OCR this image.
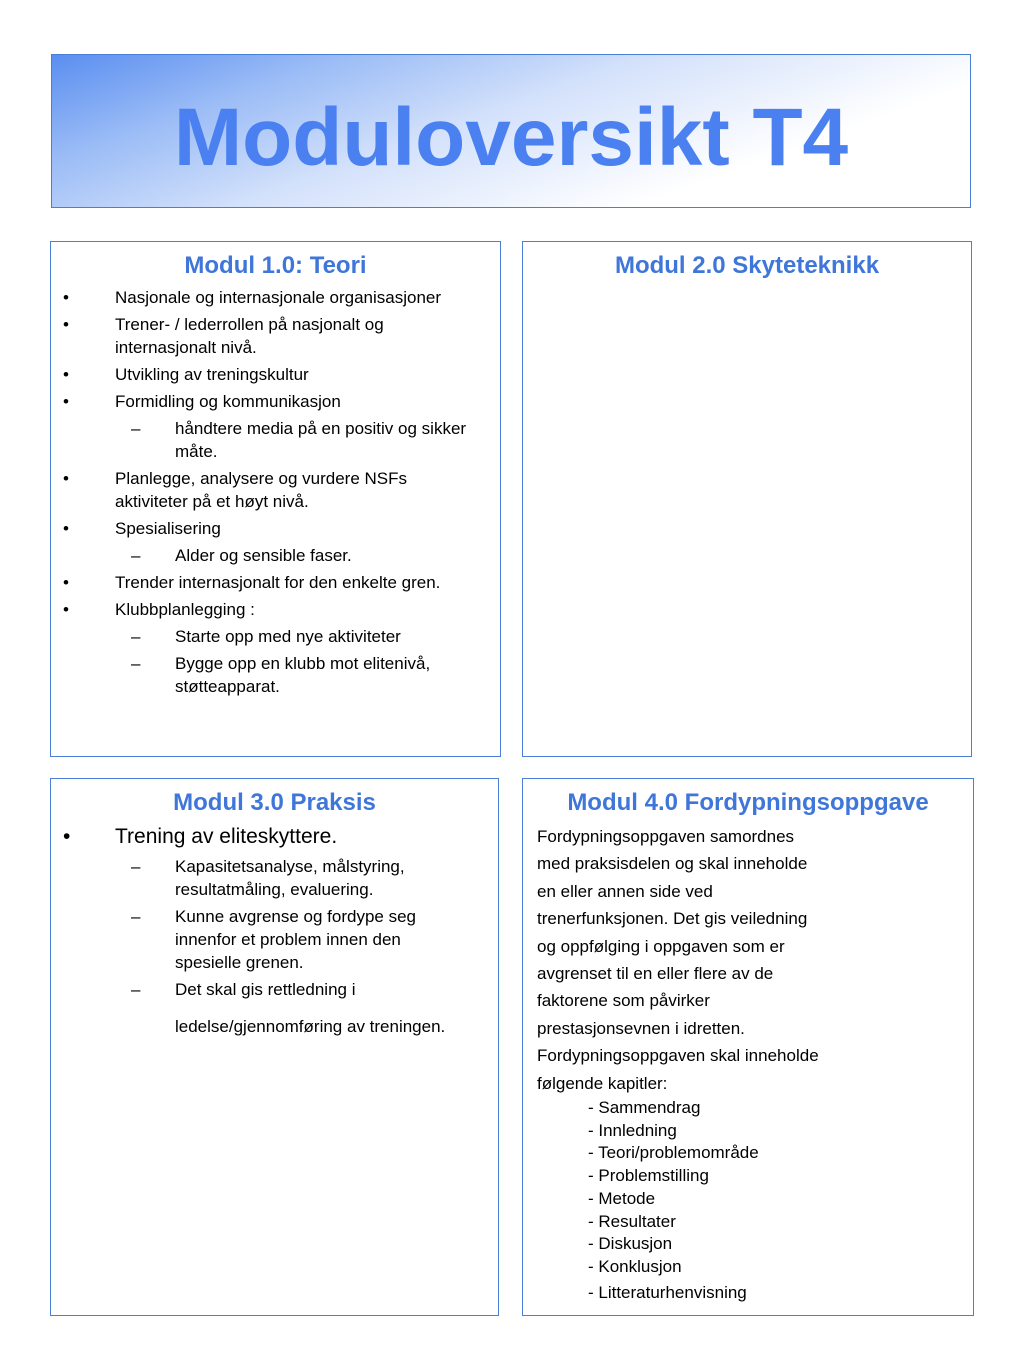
Moduloversikt T4
Modul 1.0: Teori
•	Nasjonale og internasjonale organisasjoner
•	Trener- / lederrollen på nasjonalt og internasjonalt nivå.
•	Utvikling av treningskultur
•	Formidling og kommunikasjon
– håndtere media på en positiv og sikker måte.
•	Planlegge, analysere og vurdere NSFs aktiviteter på et høyt nivå.
•	Spesialisering
– Alder og sensible faser.
•	Trender internasjonalt for den enkelte gren.
•	Klubbplanlegging :
– Starte opp med nye aktiviteter
– Bygge opp en klubb mot elitenivå, støtteapparat.
Modul 2.0 Skyteteknikk
Modul 3.0 Praksis
• Trening av eliteskyttere.
– Kapasitetsanalyse, målstyring, resultatmåling, evaluering.
– Kunne avgrense og fordype seg innenfor et problem innen den spesielle grenen.
– Det skal gis rettledning i
ledelse/gjennomføring av treningen.
Modul 4.0 Fordypningsoppgave
Fordypningsoppgaven samordnes
med praksisdelen og skal inneholde
en eller annen side ved
trenerfunksjonen. Det gis veiledning
og oppfølging i oppgaven som er
avgrenset til en eller flere av de
faktorene som påvirker
prestasjonsevnen i idretten.
Fordypningsoppgaven skal inneholde
følgende kapitler:
- Sammendrag
- Innledning
- Teori/problemområde
- Problemstilling
- Metode
- Resultater
- Diskusjon
- Konklusjon
- Litteraturhenvisning
